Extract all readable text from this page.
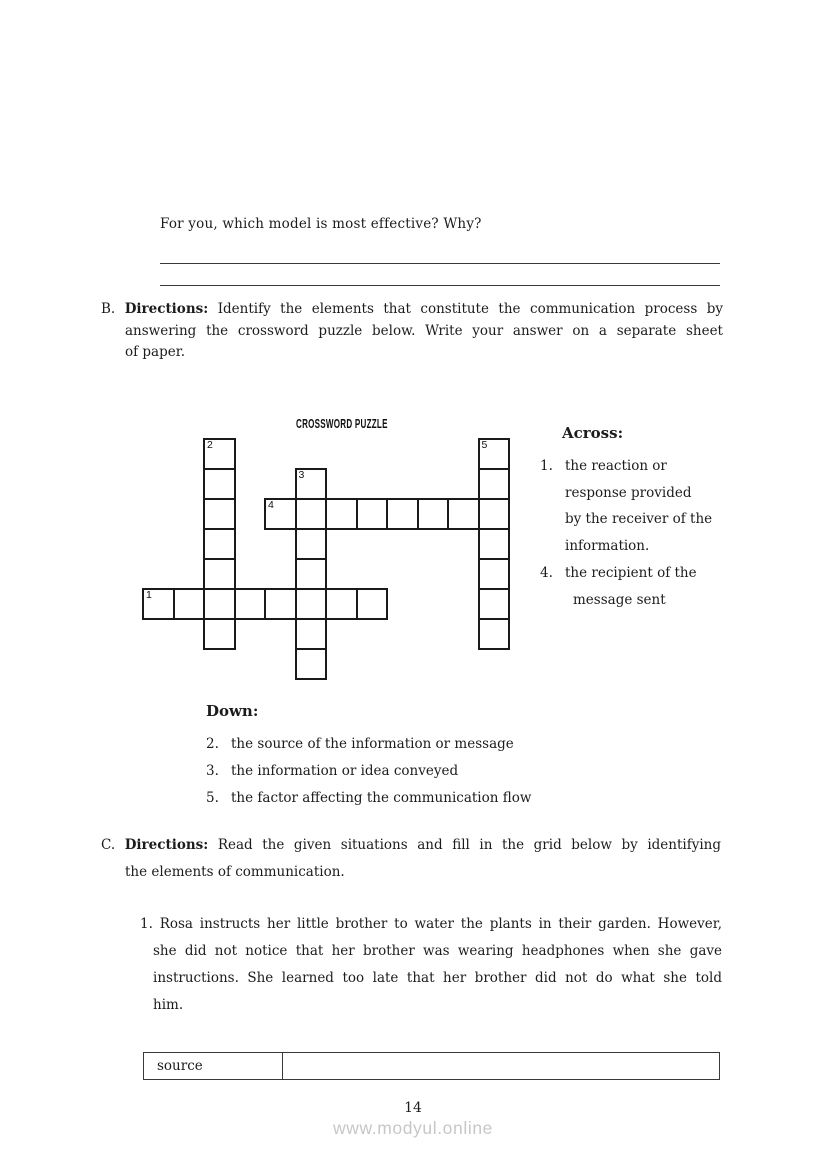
For you, which model is most effective? Why?
B. Directions: Identify the elements that constitute the communication process by
answering the crossword puzzle below. Write your answer on a separate sheet
of paper.
CROSSWORD PUZZLE
1
4
2
3
5
Across:
1. the reaction or
response provided
by the receiver of the
information.
4. the recipient of the
message sent
Down:
2. the source of the information or message
3. the information or idea conveyed
5. the factor affecting the communication flow
C. Directions: Read the given situations and fill in the grid below by identifying
the elements of communication.
1. Rosa instructs her little brother to water the plants in their garden. However,
she did not notice that her brother was wearing headphones when she gave
instructions. She learned too late that her brother did not do what she told
him.
source
14
www.modyul.online
